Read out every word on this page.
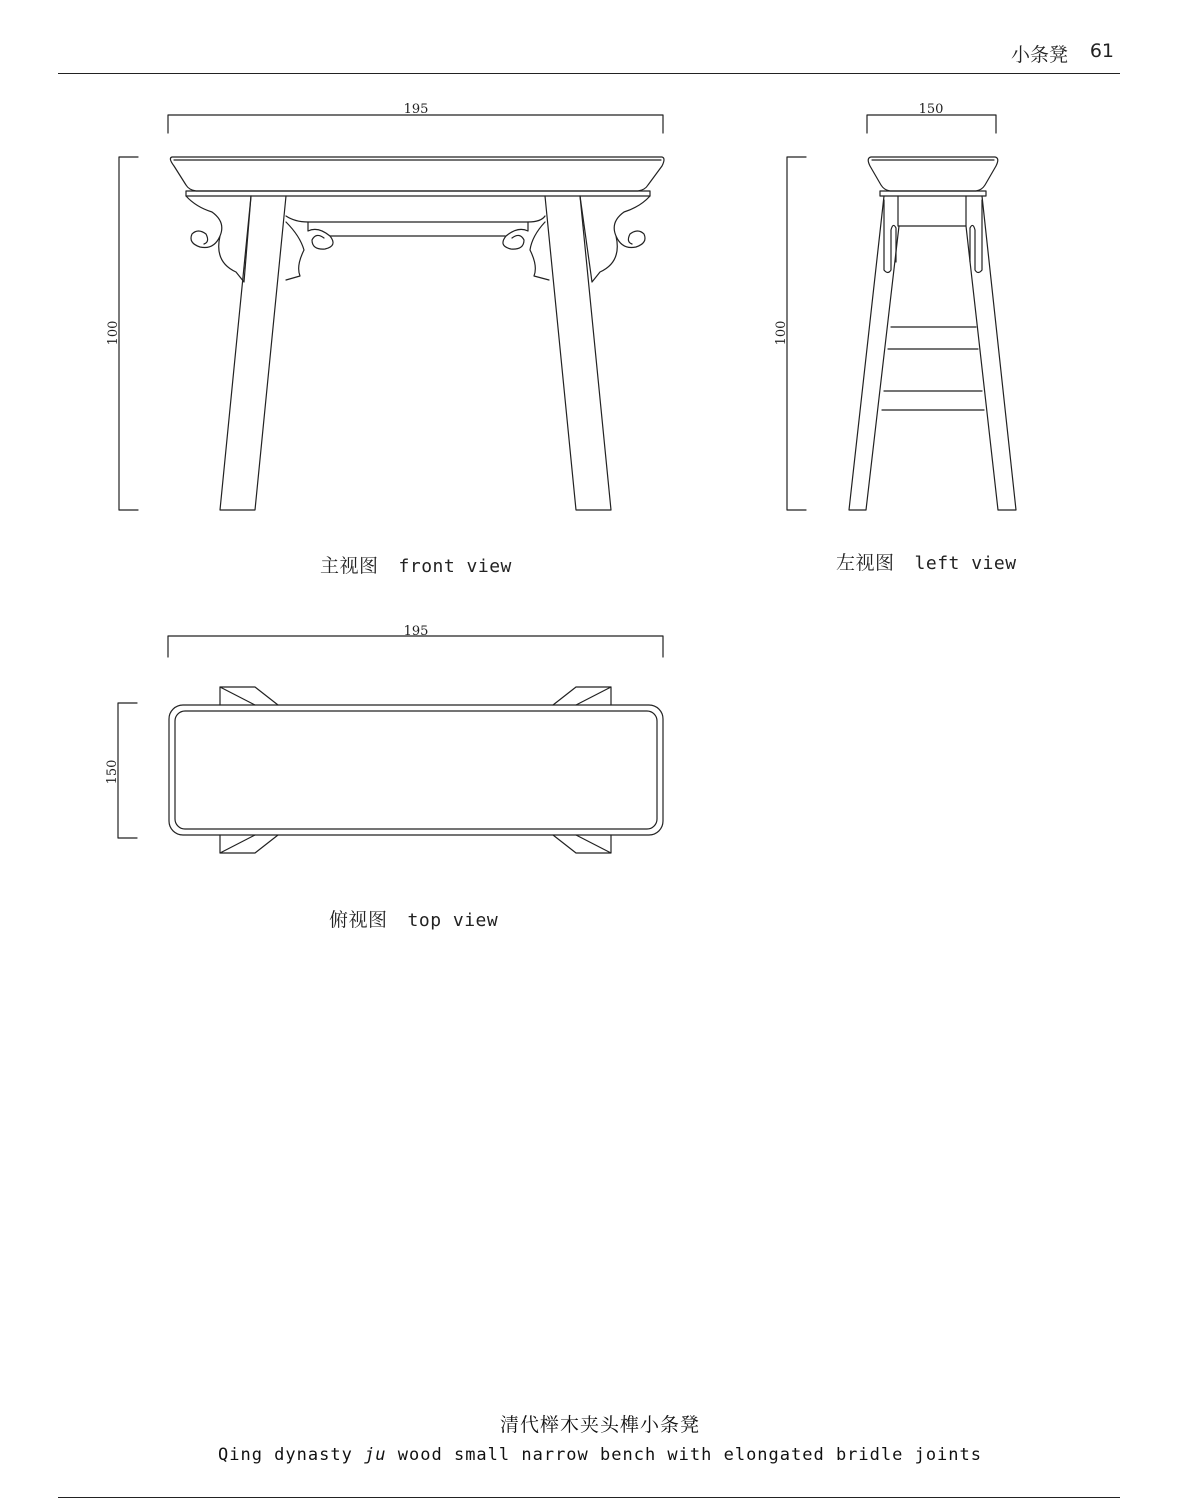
小条凳 61
195
100
150
100
195
150
主视图 front view	左视图 left view
俯视图 top view
清代榉木夹头榫小条凳
Qing dynasty ju wood small narrow bench with elongated bridle joints
